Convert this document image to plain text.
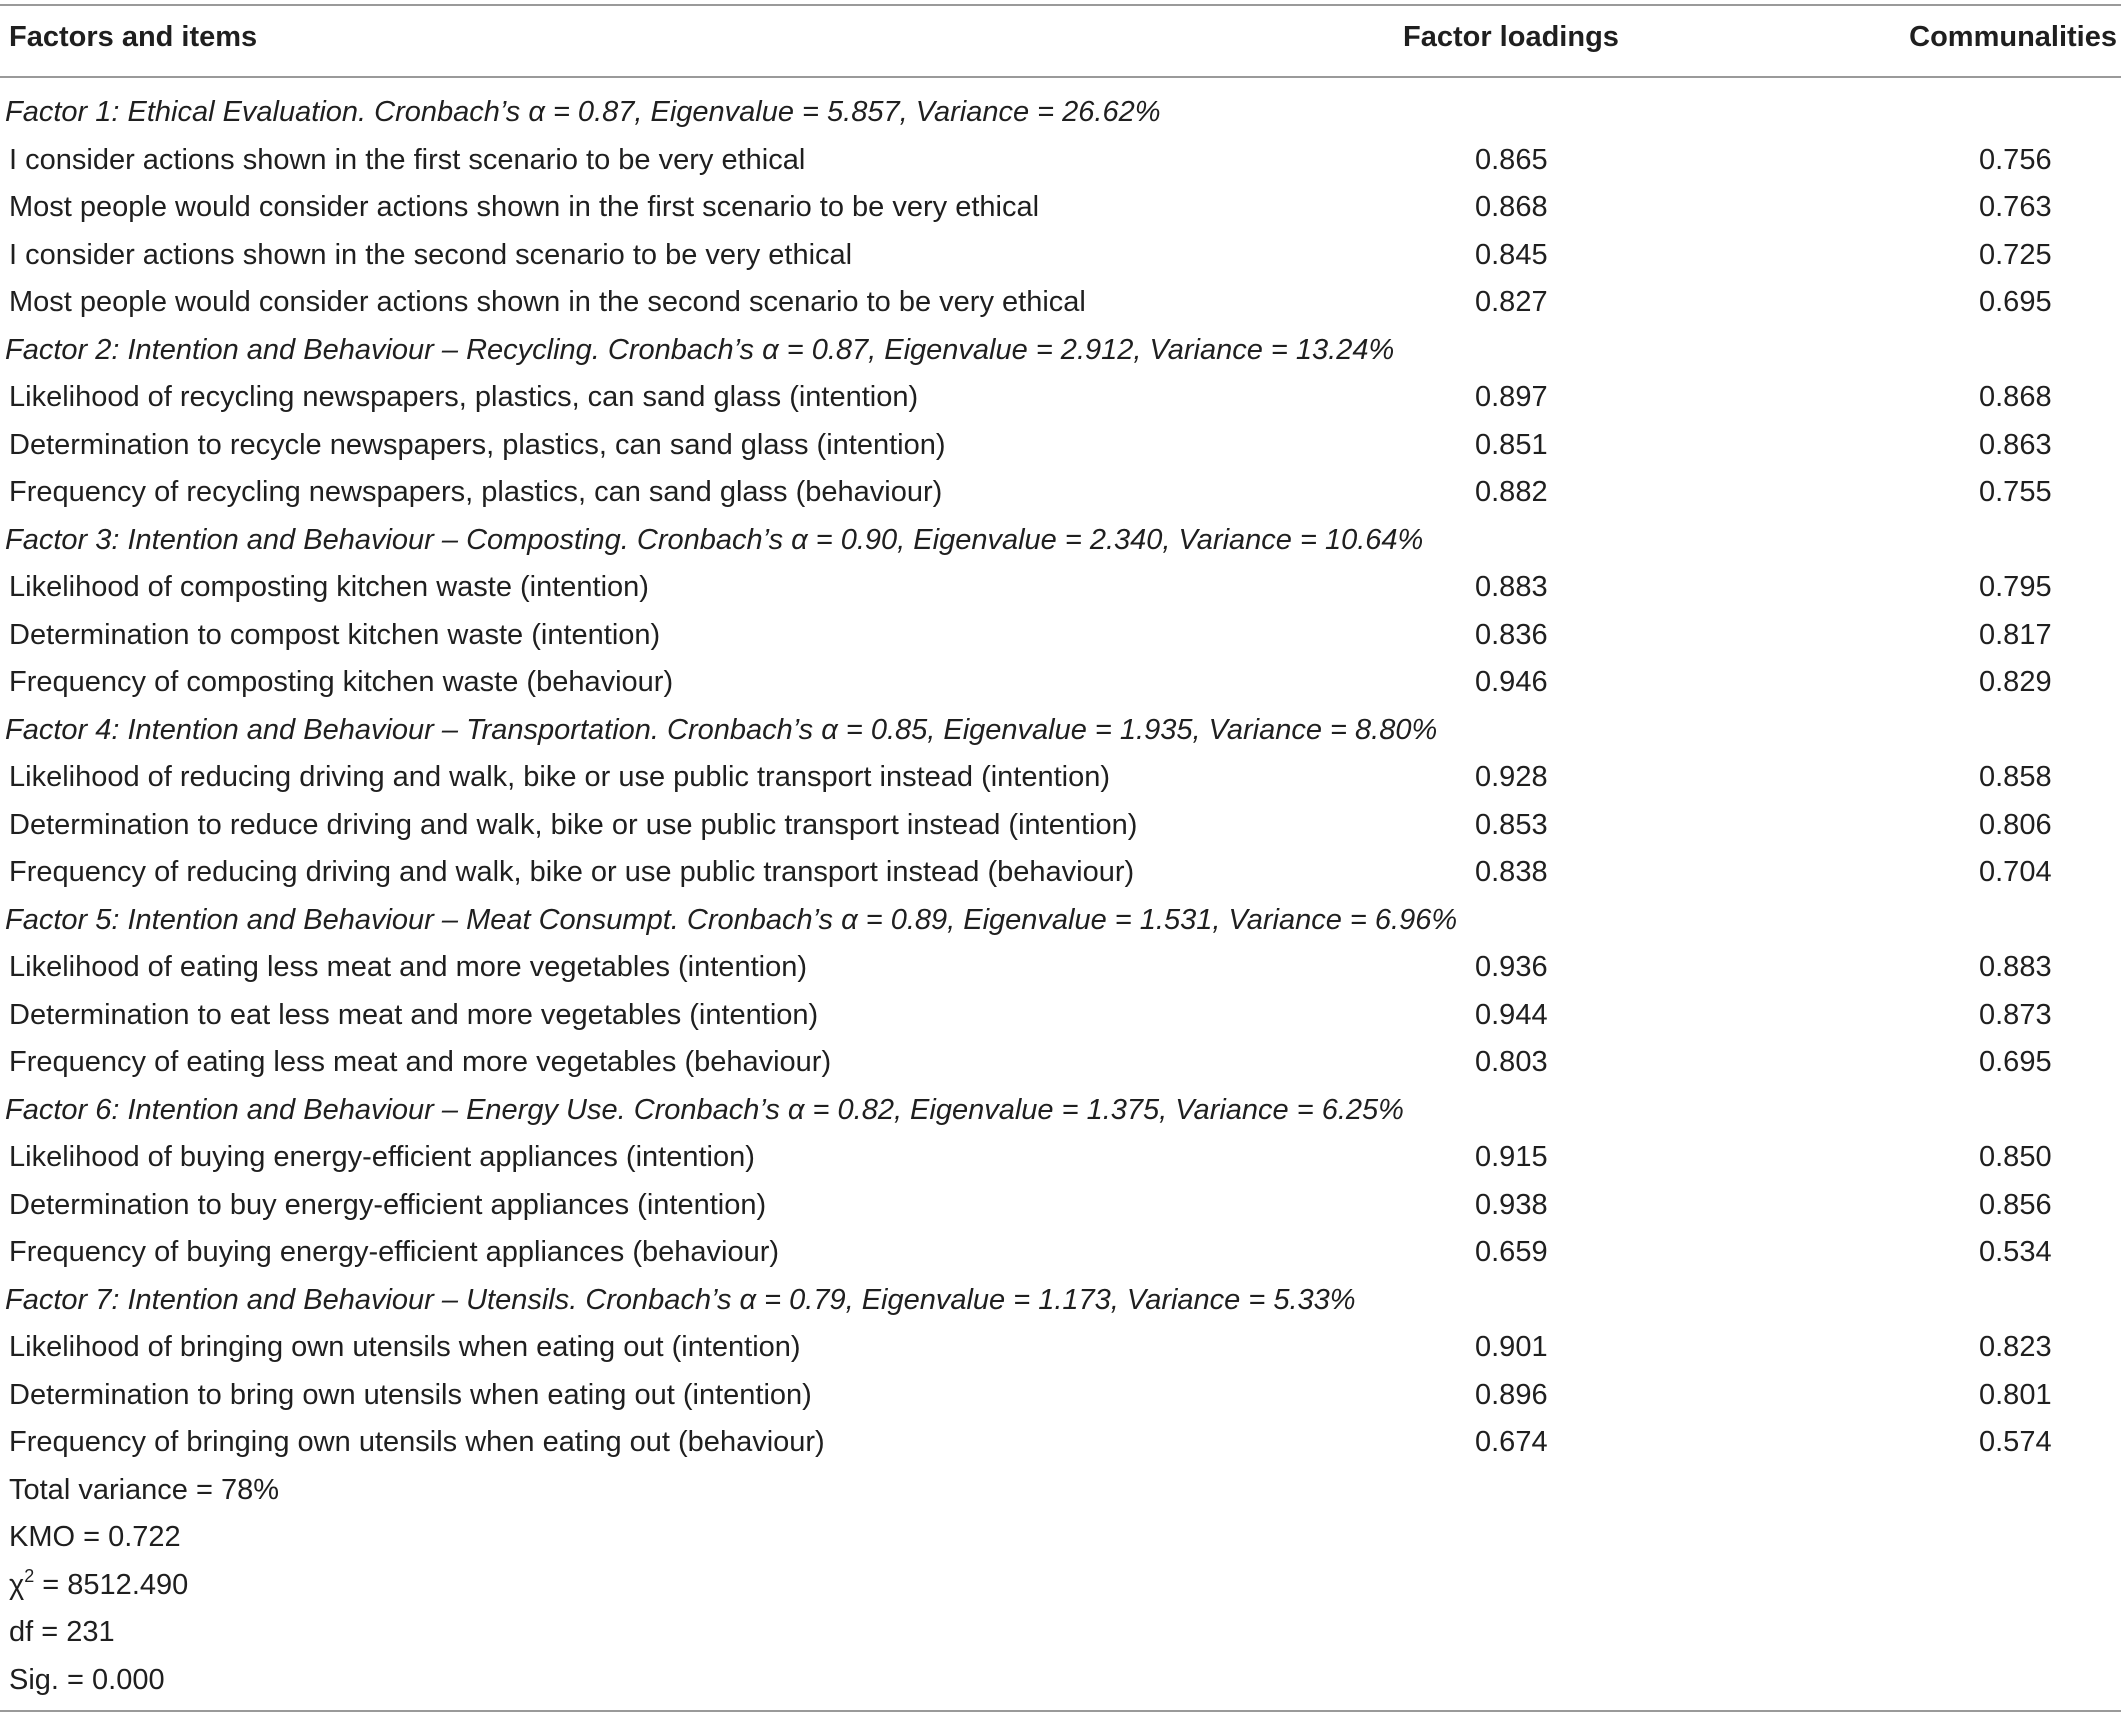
Factors and items	Factor loadings	Communalities
Factor 1: Ethical Evaluation. Cronbach’s α = 0.87, Eigenvalue = 5.857, Variance = 26.62%
I consider actions shown in the first scenario to be very ethical	0.865	0.756
Most people would consider actions shown in the first scenario to be very ethical	0.868	0.763
I consider actions shown in the second scenario to be very ethical	0.845	0.725
Most people would consider actions shown in the second scenario to be very ethical	0.827	0.695
Factor 2: Intention and Behaviour – Recycling. Cronbach’s α = 0.87, Eigenvalue = 2.912, Variance = 13.24%
Likelihood of recycling newspapers, plastics, can sand glass (intention)	0.897	0.868
Determination to recycle newspapers, plastics, can sand glass (intention)	0.851	0.863
Frequency of recycling newspapers, plastics, can sand glass (behaviour)	0.882	0.755
Factor 3: Intention and Behaviour – Composting. Cronbach’s α = 0.90, Eigenvalue = 2.340, Variance = 10.64%
Likelihood of composting kitchen waste (intention)	0.883	0.795
Determination to compost kitchen waste (intention)	0.836	0.817
Frequency of composting kitchen waste (behaviour)	0.946	0.829
Factor 4: Intention and Behaviour – Transportation. Cronbach’s α = 0.85, Eigenvalue = 1.935, Variance = 8.80%
Likelihood of reducing driving and walk, bike or use public transport instead (intention)	0.928	0.858
Determination to reduce driving and walk, bike or use public transport instead (intention)	0.853	0.806
Frequency of reducing driving and walk, bike or use public transport instead (behaviour)	0.838	0.704
Factor 5: Intention and Behaviour – Meat Consumpt. Cronbach’s α = 0.89, Eigenvalue = 1.531, Variance = 6.96%
Likelihood of eating less meat and more vegetables (intention)	0.936	0.883
Determination to eat less meat and more vegetables (intention)	0.944	0.873
Frequency of eating less meat and more vegetables (behaviour)	0.803	0.695
Factor 6: Intention and Behaviour – Energy Use. Cronbach’s α = 0.82, Eigenvalue = 1.375, Variance = 6.25%
Likelihood of buying energy-efficient appliances (intention)	0.915	0.850
Determination to buy energy-efficient appliances (intention)	0.938	0.856
Frequency of buying energy-efficient appliances (behaviour)	0.659	0.534
Factor 7: Intention and Behaviour – Utensils. Cronbach’s α = 0.79, Eigenvalue = 1.173, Variance = 5.33%
Likelihood of bringing own utensils when eating out (intention)	0.901	0.823
Determination to bring own utensils when eating out (intention)	0.896	0.801
Frequency of bringing own utensils when eating out (behaviour)	0.674	0.574
Total variance = 78%
KMO = 0.722
$\chi^2 = 8512.490$
df = 231
Sig. = 0.000
